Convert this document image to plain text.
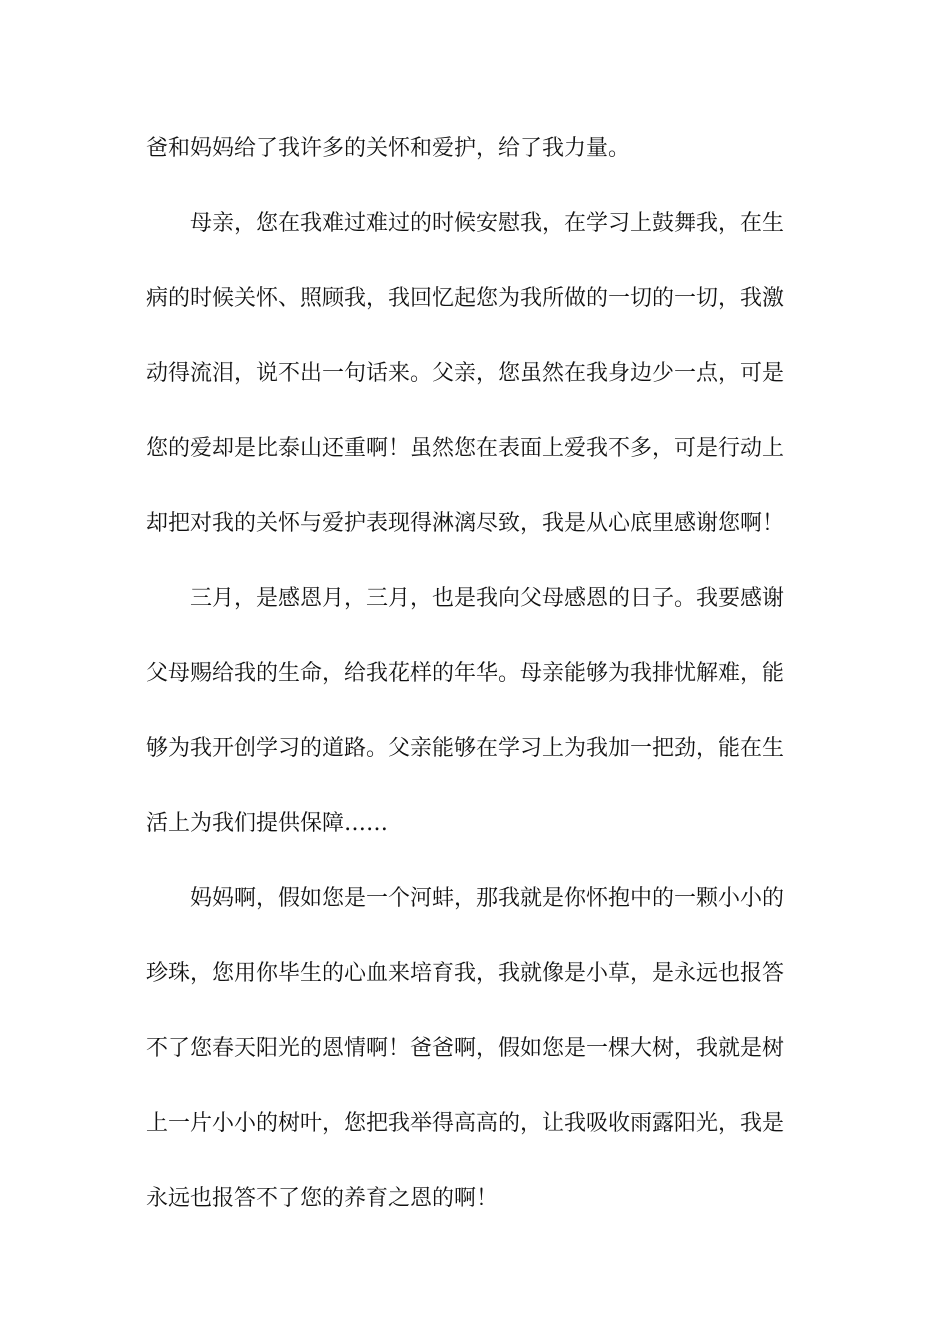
爸和妈妈给了我许多的关怀和爱护，给了我力量。
　　母亲，您在我难过难过的时候安慰我，在学习上鼓舞我，在生
病的时候关怀、照顾我，我回忆起您为我所做的一切的一切，我激
动得流泪，说不出一句话来。父亲，您虽然在我身边少一点，可是
您的爱却是比泰山还重啊！虽然您在表面上爱我不多，可是行动上
却把对我的关怀与爱护表现得淋漓尽致，我是从心底里感谢您啊！
　　三月，是感恩月，三月，也是我向父母感恩的日子。我要感谢
父母赐给我的生命，给我花样的年华。母亲能够为我排忧解难，能
够为我开创学习的道路。父亲能够在学习上为我加一把劲，能在生
活上为我们提供保障……
　　妈妈啊，假如您是一个河蚌，那我就是你怀抱中的一颗小小的
珍珠，您用你毕生的心血来培育我，我就像是小草，是永远也报答
不了您春天阳光的恩情啊！爸爸啊，假如您是一棵大树，我就是树
上一片小小的树叶，您把我举得高高的，让我吸收雨露阳光，我是
永远也报答不了您的养育之恩的啊！
